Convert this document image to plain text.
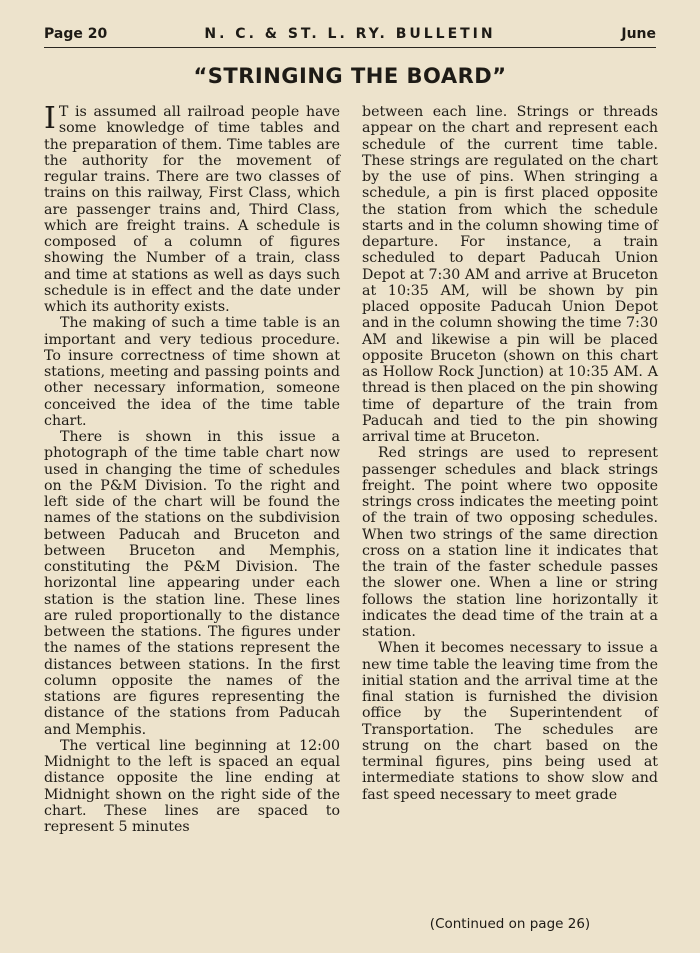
Page 20	N. C. & ST. L. RY. BULLETIN	June
“STRINGING THE BOARD”

I T is assumed all railroad people have some knowledge of time tables and the preparation of them. Time tables are the authority for the movement of regular trains. There are two classes of trains on this railway, First Class, which are passenger trains and, Third Class, which are freight trains. A schedule is composed of a column of figures showing the Number of a train, class and time at stations as well as days such schedule is in effect and the date under which its authority exists.

The making of such a time table is an important and very tedious procedure. To insure correctness of time shown at stations, meeting and passing points and other necessary information, someone conceived the idea of the time table chart.

There is shown in this issue a photograph of the time table chart now used in changing the time of schedules on the P&M Division. To the right and left side of the chart will be found the names of the stations on the subdivision between Paducah and Bruceton and between Bruceton and Memphis, constituting the P&M Division. The horizontal line appearing under each station is the station line. These lines are ruled proportionally to the distance between the stations. The figures under the names of the stations represent the distances between stations. In the first column opposite the names of the stations are figures representing the distance of the stations from Paducah and Memphis.

The vertical line beginning at 12:00 Midnight to the left is spaced an equal distance opposite the line ending at Midnight shown on the right side of the chart. These lines are spaced to represent 5 minutes

between each line. Strings or threads appear on the chart and represent each schedule of the current time table. These strings are regulated on the chart by the use of pins. When stringing a schedule, a pin is first placed opposite the station from which the schedule starts and in the column showing time of departure. For instance, a train scheduled to depart Paducah Union Depot at 7:30 AM and arrive at Bruceton at 10:35 AM, will be shown by pin placed opposite Paducah Union Depot and in the column showing the time 7:30 AM and likewise a pin will be placed opposite Bruceton (shown on this chart as Hollow Rock Junction) at 10:35 AM. A thread is then placed on the pin showing time of departure of the train from Paducah and tied to the pin showing arrival time at Bruceton.

Red strings are used to represent passenger schedules and black strings freight. The point where two opposite strings cross indicates the meeting point of the train of two opposing schedules. When two strings of the same direction cross on a station line it indicates that the train of the faster schedule passes the slower one. When a line or string follows the station line horizontally it indicates the dead time of the train at a station.

When it becomes necessary to issue a new time table the leaving time from the initial station and the arrival time at the final station is furnished the division office by the Superintendent of Transportation. The schedules are strung on the chart based on the terminal figures, pins being used at intermediate stations to show slow and fast speed necessary to meet grade

(Continued on page 26)
